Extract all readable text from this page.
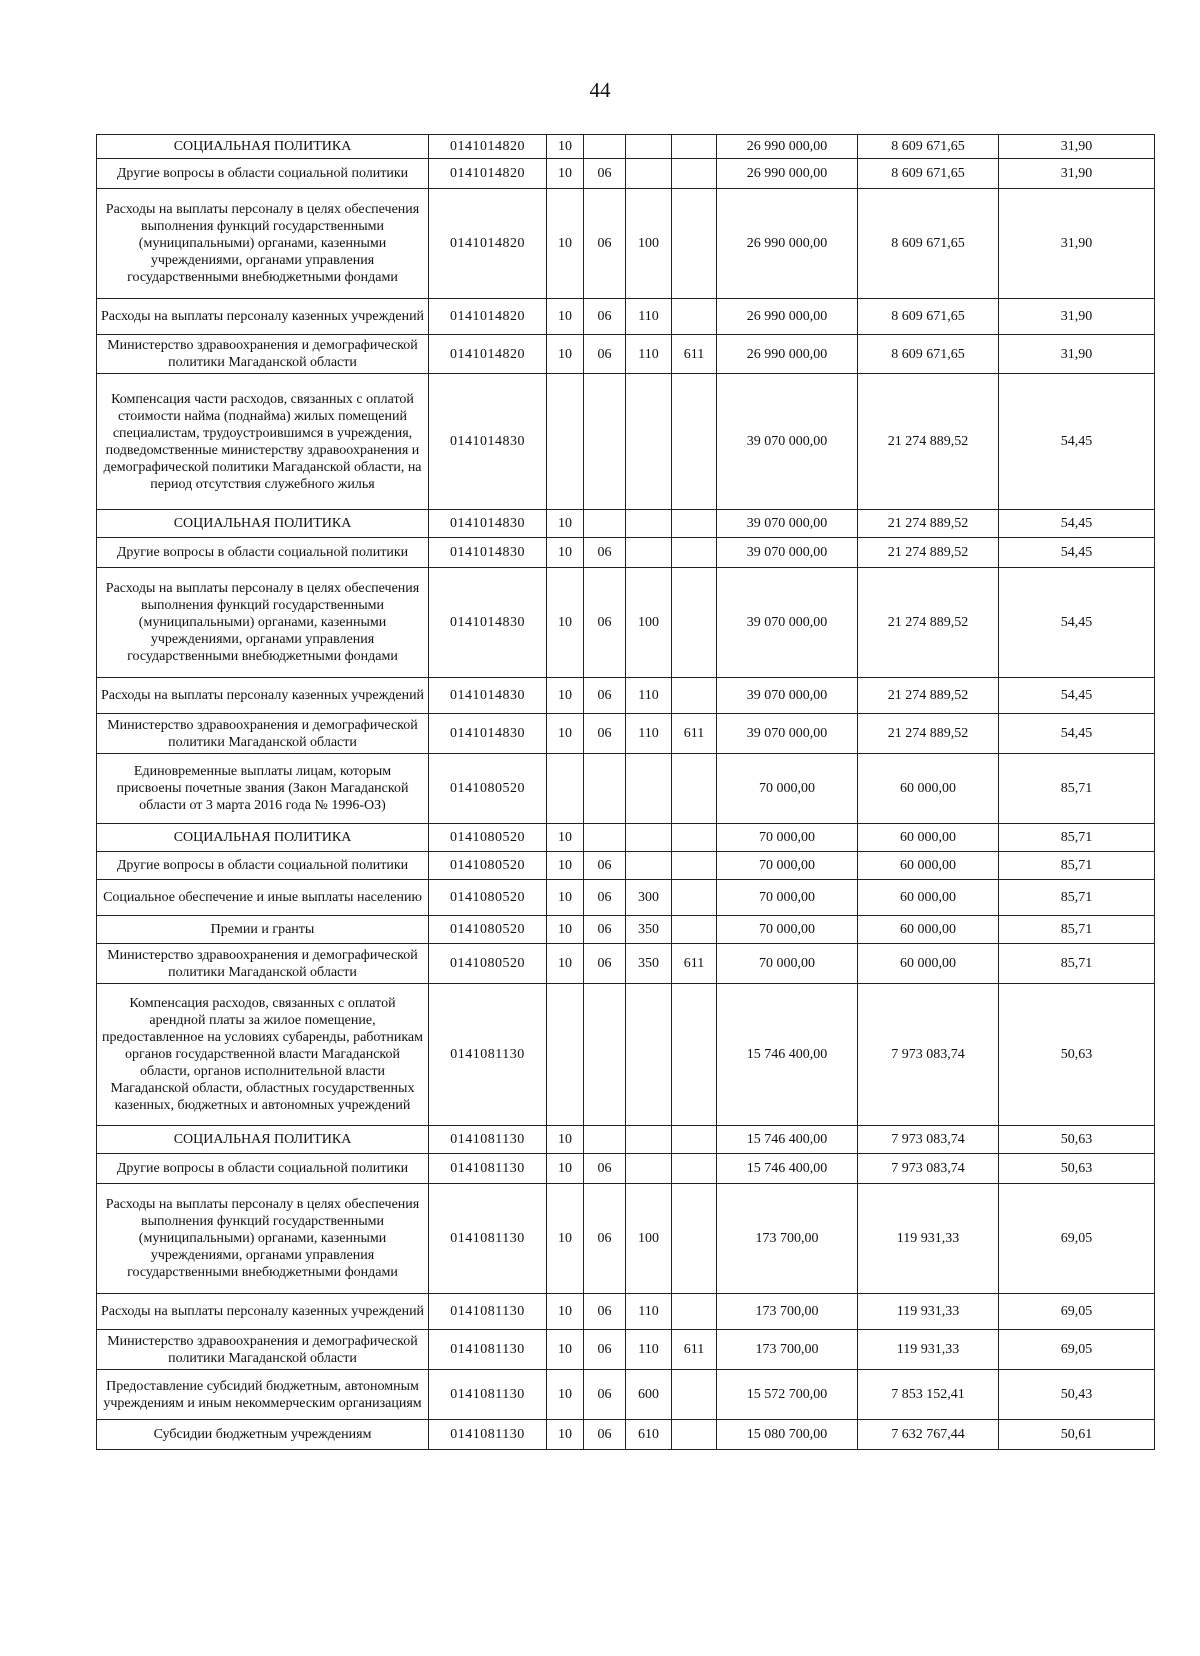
44
СОЦИАЛЬНАЯ ПОЛИТИКА	0141014820	10				26 990 000,00	8 609 671,65	31,90
Другие вопросы в области социальной политики	0141014820	10	06			26 990 000,00	8 609 671,65	31,90
Расходы на выплаты персоналу в целях обеспечения выполнения функций государственными (муниципальными) органами, казенными учреждениями, органами управления государственными внебюджетными фондами	0141014820	10	06	100		26 990 000,00	8 609 671,65	31,90
Расходы на выплаты персоналу казенных учреждений	0141014820	10	06	110		26 990 000,00	8 609 671,65	31,90
Министерство здравоохранения и демографической политики Магаданской области	0141014820	10	06	110	611	26 990 000,00	8 609 671,65	31,90
Компенсация части расходов, связанных с оплатой стоимости найма (поднайма) жилых помещений специалистам, трудоустроившимся в учреждения, подведомственные министерству здравоохранения и демографической политики Магаданской области, на период отсутствия служебного жилья	0141014830					39 070 000,00	21 274 889,52	54,45
СОЦИАЛЬНАЯ ПОЛИТИКА	0141014830	10				39 070 000,00	21 274 889,52	54,45
Другие вопросы в области социальной политики	0141014830	10	06			39 070 000,00	21 274 889,52	54,45
Расходы на выплаты персоналу в целях обеспечения выполнения функций государственными (муниципальными) органами, казенными учреждениями, органами управления государственными внебюджетными фондами	0141014830	10	06	100		39 070 000,00	21 274 889,52	54,45
Расходы на выплаты персоналу казенных учреждений	0141014830	10	06	110		39 070 000,00	21 274 889,52	54,45
Министерство здравоохранения и демографической политики Магаданской области	0141014830	10	06	110	611	39 070 000,00	21 274 889,52	54,45
Единовременные выплаты лицам, которым присвоены почетные звания (Закон Магаданской области от 3 марта 2016 года № 1996-ОЗ)	0141080520					70 000,00	60 000,00	85,71
СОЦИАЛЬНАЯ ПОЛИТИКА	0141080520	10				70 000,00	60 000,00	85,71
Другие вопросы в области социальной политики	0141080520	10	06			70 000,00	60 000,00	85,71
Социальное обеспечение и иные выплаты населению	0141080520	10	06	300		70 000,00	60 000,00	85,71
Премии и гранты	0141080520	10	06	350		70 000,00	60 000,00	85,71
Министерство здравоохранения и демографической политики Магаданской области	0141080520	10	06	350	611	70 000,00	60 000,00	85,71
Компенсация расходов, связанных с оплатой арендной платы за жилое помещение, предоставленное на условиях субаренды, работникам органов государственной власти Магаданской области, органов исполнительной власти Магаданской области, областных государственных казенных, бюджетных и автономных учреждений	0141081130					15 746 400,00	7 973 083,74	50,63
СОЦИАЛЬНАЯ ПОЛИТИКА	0141081130	10				15 746 400,00	7 973 083,74	50,63
Другие вопросы в области социальной политики	0141081130	10	06			15 746 400,00	7 973 083,74	50,63
Расходы на выплаты персоналу в целях обеспечения выполнения функций государственными (муниципальными) органами, казенными учреждениями, органами управления государственными внебюджетными фондами	0141081130	10	06	100		173 700,00	119 931,33	69,05
Расходы на выплаты персоналу казенных учреждений	0141081130	10	06	110		173 700,00	119 931,33	69,05
Министерство здравоохранения и демографической политики Магаданской области	0141081130	10	06	110	611	173 700,00	119 931,33	69,05
Предоставление субсидий бюджетным, автономным учреждениям и иным некоммерческим организациям	0141081130	10	06	600		15 572 700,00	7 853 152,41	50,43
Субсидии бюджетным учреждениям	0141081130	10	06	610		15 080 700,00	7 632 767,44	50,61
